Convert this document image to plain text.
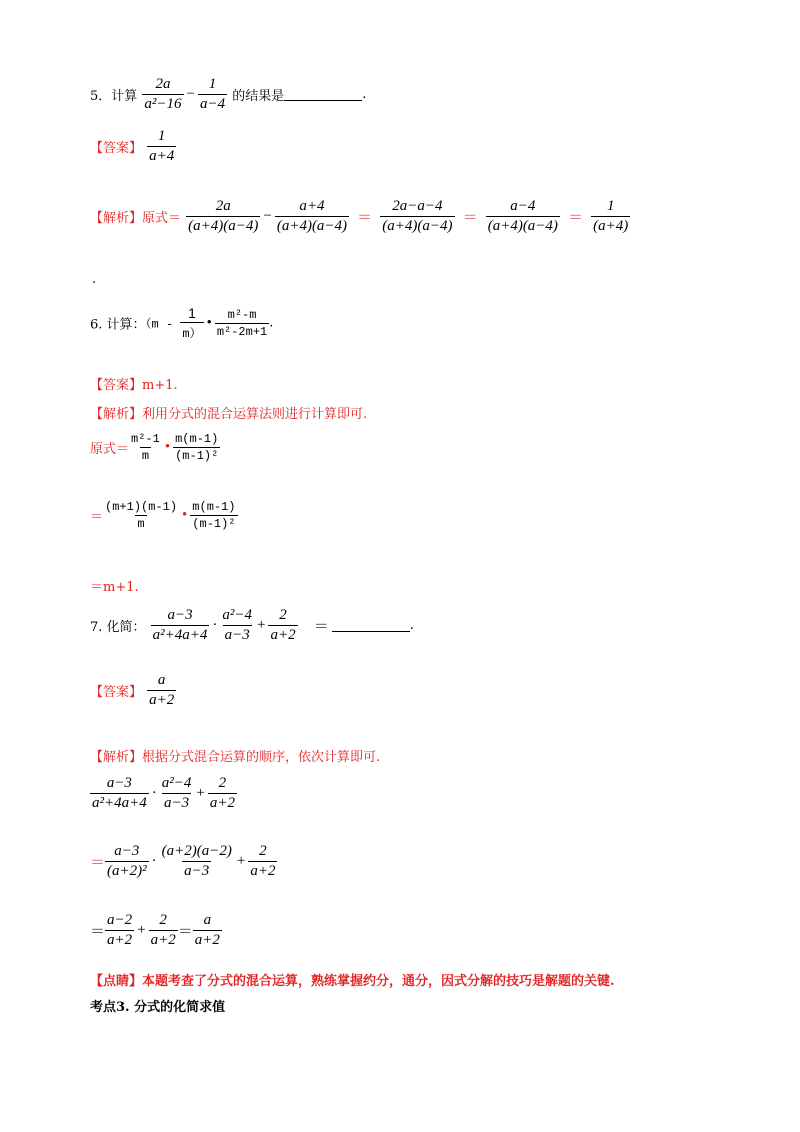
5．计算 $\frac{2a}{\text{a²−16}} - \frac{1}{a-4}$ 的结果是	.
【答案】 $\frac{1}{a+4}$
【解析】原式＝ $\frac{2a}{(a+4)(a-4)} - \frac{a+4}{(a+4)(a-4)} = \frac{2a-a-4}{(a+4)(a-4)} = \frac{a-4}{(a+4)(a-4)} = \frac{1}{(a+4)}$
.
6. 计算：（$m - \frac{1}{m)}$ • $\frac{\text{m²-m}}{\text{m²-2m+1}}$ .
【答案】m+1.
【解析】利用分式的混合运算法则进行计算即可.
原式＝ $\frac{\text{m²-1}}{m}$ • $\frac{m(m-1)}{\text{(m-1)²}}$
＝ $\frac{(m+1)(m-1)}{m}$ • $\frac{m(m-1)}{\text{(m-1)²}}$
＝m+1.
7. 化简： $\frac{a-3}{\text{a²+4a+4}} \cdot \frac{\text{a²−4}}{a-3} + \frac{2}{a+2}$ ＝	.
【答案】 $\frac{a}{a+2}$
【解析】根据分式混合运算的顺序，依次计算即可.
$\frac{a-3}{\text{a²+4a+4}} \cdot \frac{\text{a²−4}}{a-3} + \frac{2}{a+2}$
＝ $\frac{a-3}{\text{(a+2)²}} \cdot \frac{(a+2)(a-2)}{a-3} + \frac{2}{a+2}$
＝ $\frac{a-2}{a+2} + \frac{2}{a+2} = \frac{a}{a+2}$
【点睛】本题考查了分式的混合运算，熟练掌握约分，通分，因式分解的技巧是解题的关键.
考点3. 分式的化简求值
